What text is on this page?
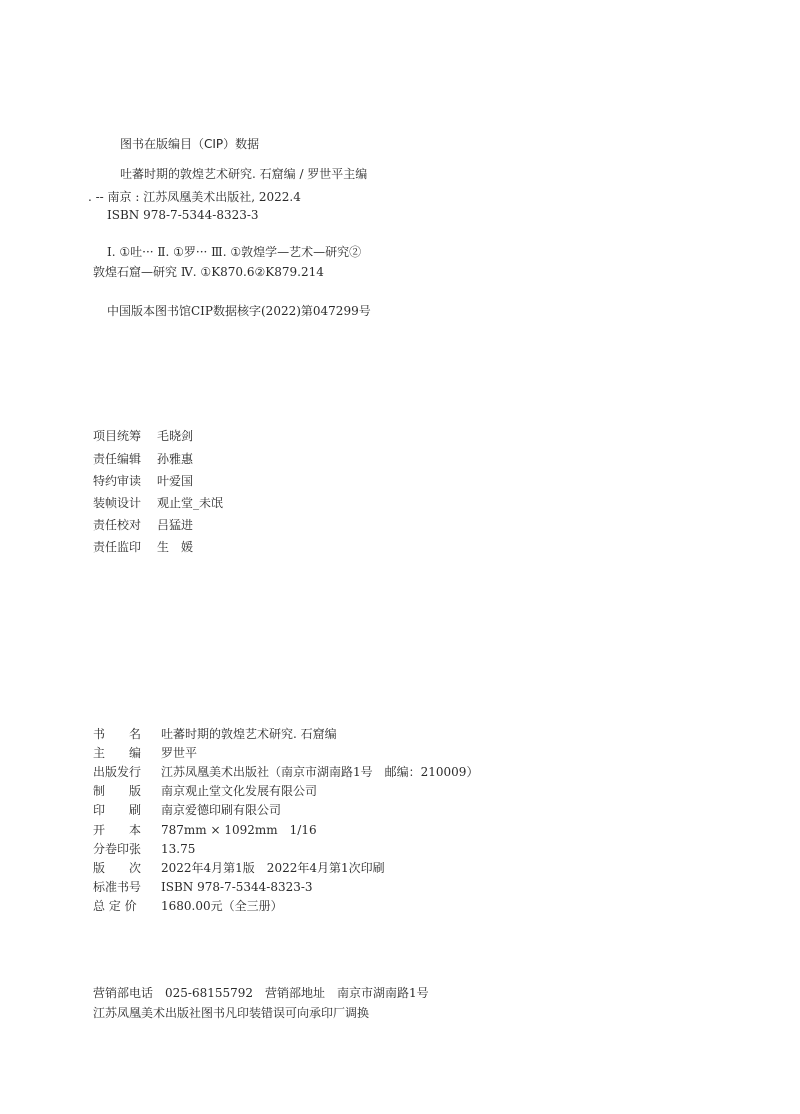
图书在版编目（CIP）数据
吐蕃时期的敦煌艺术研究. 石窟编 / 罗世平主编
. -- 南京 : 江苏凤凰美术出版社, 2022.4
ISBN 978-7-5344-8323-3
Ⅰ. ①吐··· Ⅱ. ①罗··· Ⅲ. ①敦煌学—艺术—研究②
敦煌石窟—研究 Ⅳ. ①K870.6②K879.214
中国版本图书馆CIP数据核字(2022)第047299号
项目统筹	毛晓剑
责任编辑	孙雅惠
特约审读	叶爱国
装帧设计	观止堂_未氓
责任校对	吕猛进
责任监印	生　媛
书　　名	吐蕃时期的敦煌艺术研究. 石窟编
主　　编	罗世平
出版发行	江苏凤凰美术出版社（南京市湖南路1号　邮编：210009）
制　　版	南京观止堂文化发展有限公司
印　　刷	南京爱德印刷有限公司
开　　本	787mm × 1092mm　1/16
分卷印张	13.75
版　　次	2022年4月第1版　2022年4月第1次印刷
标准书号	ISBN 978-7-5344-8323-3
总 定 价	1680.00元（全三册）
营销部电话　025-68155792　营销部地址　南京市湖南路1号
江苏凤凰美术出版社图书凡印装错误可向承印厂调换
